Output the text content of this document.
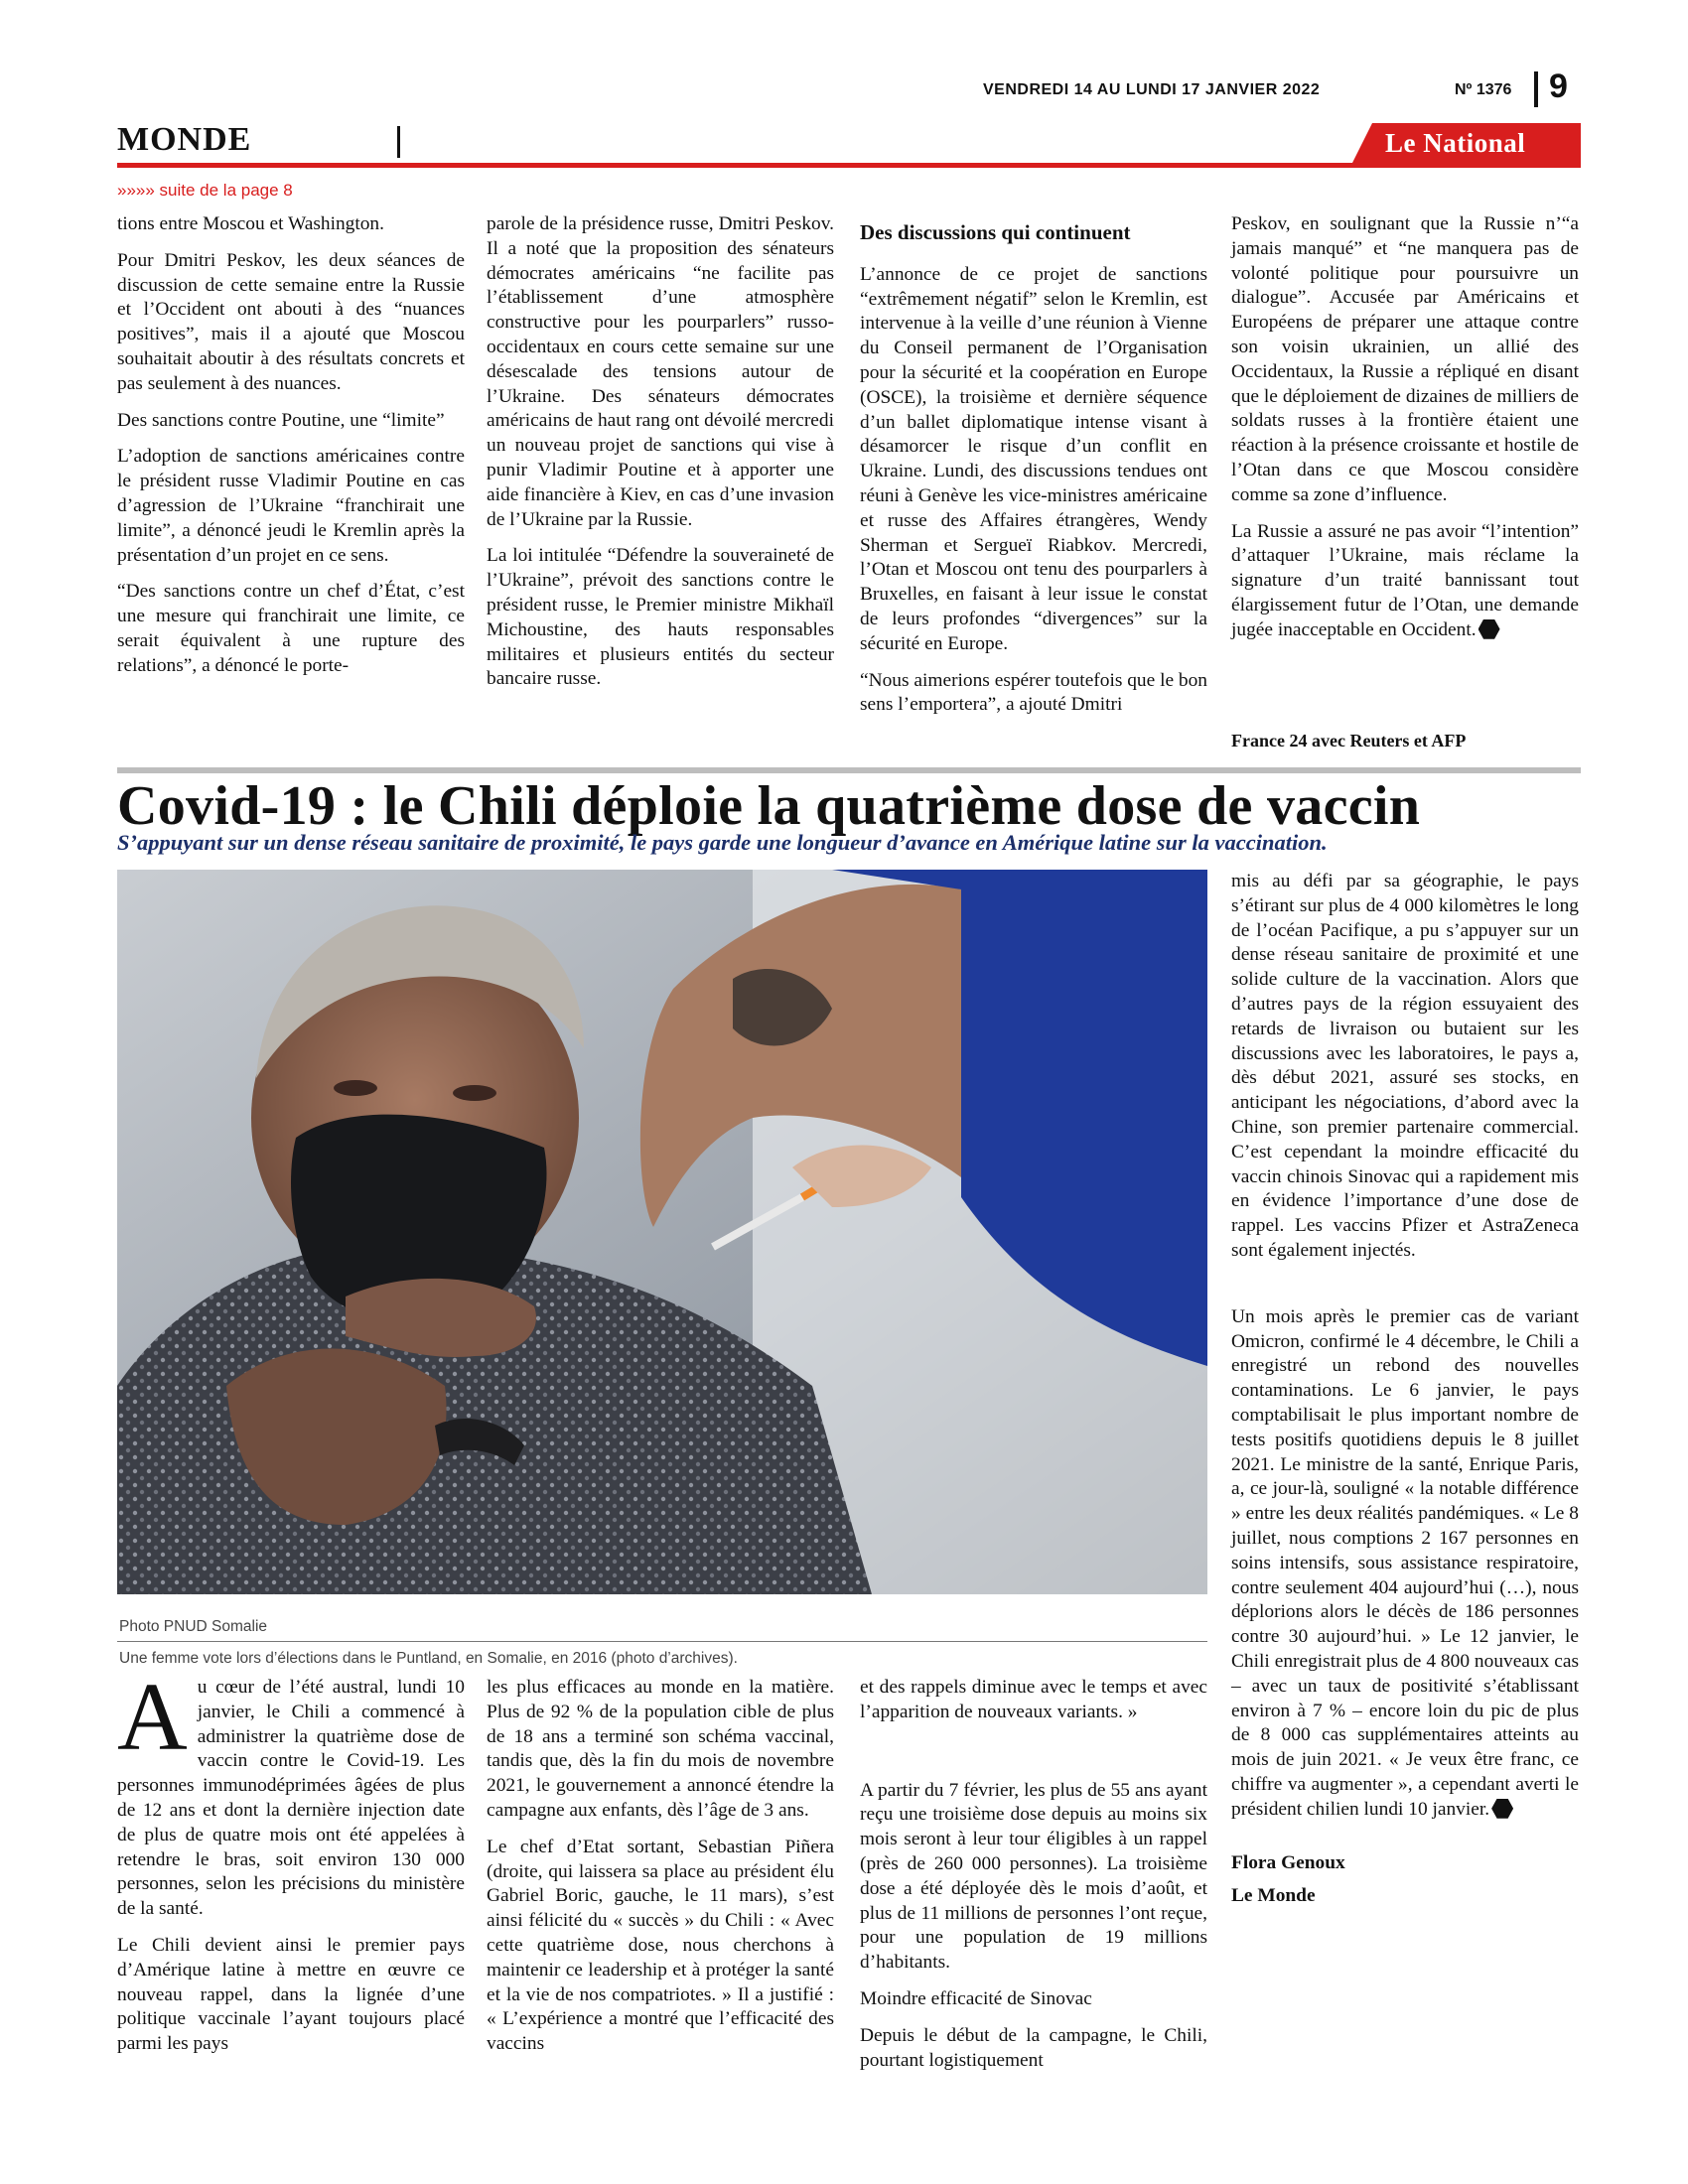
VENDREDI 14 AU LUNDI 17 JANVIER 2022	Nº 1376 9
MONDE	Le National
»»»» suite de la page 8

tions entre Moscou et Washington.

Pour Dmitri Peskov, les deux séances de discussion de cette semaine entre la Russie et l’Occident ont abouti à des “nuances positives”, mais il a ajouté que Moscou souhaitait aboutir à des résultats concrets et pas seulement à des nuances.

Des sanctions contre Poutine, une “limite”

L’adoption de sanctions américaines contre le président russe Vladimir Poutine en cas d’agression de l’Ukraine “franchirait une limite”, a dénoncé jeudi le Kremlin après la présentation d’un projet en ce sens.

“Des sanctions contre un chef d’État, c’est une mesure qui franchirait une limite, ce serait équivalent à une rupture des relations”, a dénoncé le porte-

parole de la présidence russe, Dmitri Peskov. Il a noté que la proposition des sénateurs démocrates américains “ne facilite pas l’établissement d’une atmosphère constructive pour les pourparlers” russo-occidentaux en cours cette semaine sur une désescalade des tensions autour de l’Ukraine. Des sénateurs démocrates américains de haut rang ont dévoilé mercredi un nouveau projet de sanctions qui vise à punir Vladimir Poutine et à apporter une aide financière à Kiev, en cas d’une invasion de l’Ukraine par la Russie.

La loi intitulée “Défendre la souveraineté de l’Ukraine”, prévoit des sanctions contre le président russe, le Premier ministre Mikhaïl Michoustine, des hauts responsables militaires et plusieurs entités du secteur bancaire russe.

Des discussions qui continuent

L’annonce de ce projet de sanctions “extrêmement négatif” selon le Kremlin, est intervenue à la veille d’une réunion à Vienne du Conseil permanent de l’Organisation pour la sécurité et la coopération en Europe (OSCE), la troisième et dernière séquence d’un ballet diplomatique intense visant à désamorcer le risque d’un conflit en Ukraine. Lundi, des discussions tendues ont réuni à Genève les vice-ministres américaine et russe des Affaires étrangères, Wendy Sherman et Sergueï Riabkov. Mercredi, l’Otan et Moscou ont tenu des pourparlers à Bruxelles, en faisant à leur issue le constat de leurs profondes “divergences” sur la sécurité en Europe.

“Nous aimerions espérer toutefois que le bon sens l’emportera”, a ajouté Dmitri

Peskov, en soulignant que la Russie n’“a jamais manqué” et “ne manquera pas de volonté politique pour poursuivre un dialogue”. Accusée par Américains et Européens de préparer une attaque contre son voisin ukrainien, un allié des Occidentaux, la Russie a répliqué en disant que le déploiement de dizaines de milliers de soldats russes à la frontière étaient une réaction à la présence croissante et hostile de l’Otan dans ce que Moscou considère comme sa zone d’influence.

La Russie a assuré ne pas avoir “l’intention” d’attaquer l’Ukraine, mais réclame la signature d’un traité bannissant tout élargissement futur de l’Otan, une demande jugée inacceptable en Occident.

France 24 avec Reuters et AFP
Covid-19 : le Chili déploie la quatrième dose de vaccin
S’appuyant sur un dense réseau sanitaire de proximité, le pays garde une longueur d’avance en Amérique latine sur la vaccination.
Photo PNUD Somalie
Une femme vote lors d’élections dans le Puntland, en Somalie, en 2016 (photo d’archives).

Au cœur de l’été austral, lundi 10 janvier, le Chili a commencé à administrer la quatrième dose de vaccin contre le Covid-19. Les personnes immunodéprimées âgées de plus de 12 ans et dont la dernière injection date de plus de quatre mois ont été appelées à retendre le bras, soit environ 130 000 personnes, selon les précisions du ministère de la santé.

Le Chili devient ainsi le premier pays d’Amérique latine à mettre en œuvre ce nouveau rappel, dans la lignée d’une politique vaccinale l’ayant toujours placé parmi les pays

les plus efficaces au monde en la matière. Plus de 92 % de la population cible de plus de 18 ans a terminé son schéma vaccinal, tandis que, dès la fin du mois de novembre 2021, le gouvernement a annoncé étendre la campagne aux enfants, dès l’âge de 3 ans.

Le chef d’Etat sortant, Sebastian Piñera (droite, qui laissera sa place au président élu Gabriel Boric, gauche, le 11 mars), s’est ainsi félicité du « succès » du Chili : « Avec cette quatrième dose, nous cherchons à maintenir ce leadership et à protéger la santé et la vie de nos compatriotes. » Il a justifié : « L’expérience a montré que l’efficacité des vaccins

et des rappels diminue avec le temps et avec l’apparition de nouveaux variants. »

A partir du 7 février, les plus de 55 ans ayant reçu une troisième dose depuis au moins six mois seront à leur tour éligibles à un rappel (près de 260 000 personnes). La troisième dose a été déployée dès le mois d’août, et plus de 11 millions de personnes l’ont reçue, pour une population de 19 millions d’habitants.

Moindre efficacité de Sinovac

Depuis le début de la campagne, le Chili, pourtant logistiquement

mis au défi par sa géographie, le pays s’étirant sur plus de 4 000 kilomètres le long de l’océan Pacifique, a pu s’appuyer sur un dense réseau sanitaire de proximité et une solide culture de la vaccination. Alors que d’autres pays de la région essuyaient des retards de livraison ou butaient sur les discussions avec les laboratoires, le pays a, dès début 2021, assuré ses stocks, en anticipant les négociations, d’abord avec la Chine, son premier partenaire commercial. C’est cependant la moindre efficacité du vaccin chinois Sinovac qui a rapidement mis en évidence l’importance d’une dose de rappel. Les vaccins Pfizer et AstraZeneca sont également injectés.

Un mois après le premier cas de variant Omicron, confirmé le 4 décembre, le Chili a enregistré un rebond des nouvelles contaminations. Le 6 janvier, le pays comptabilisait le plus important nombre de tests positifs quotidiens depuis le 8 juillet 2021. Le ministre de la santé, Enrique Paris, a, ce jour-là, souligné « la notable différence » entre les deux réalités pandémiques. « Le 8 juillet, nous comptions 2 167 personnes en soins intensifs, sous assistance respiratoire, contre seulement 404 aujourd’hui (…), nous déplorions alors le décès de 186 personnes contre 30 aujourd’hui. » Le 12 janvier, le Chili enregistrait plus de 4 800 nouveaux cas – avec un taux de positivité s’établissant environ à 7 % – encore loin du pic de plus de 8 000 cas supplémentaires atteints au mois de juin 2021. « Je veux être franc, ce chiffre va augmenter », a cependant averti le président chilien lundi 10 janvier.

Flora Genoux

Le Monde
